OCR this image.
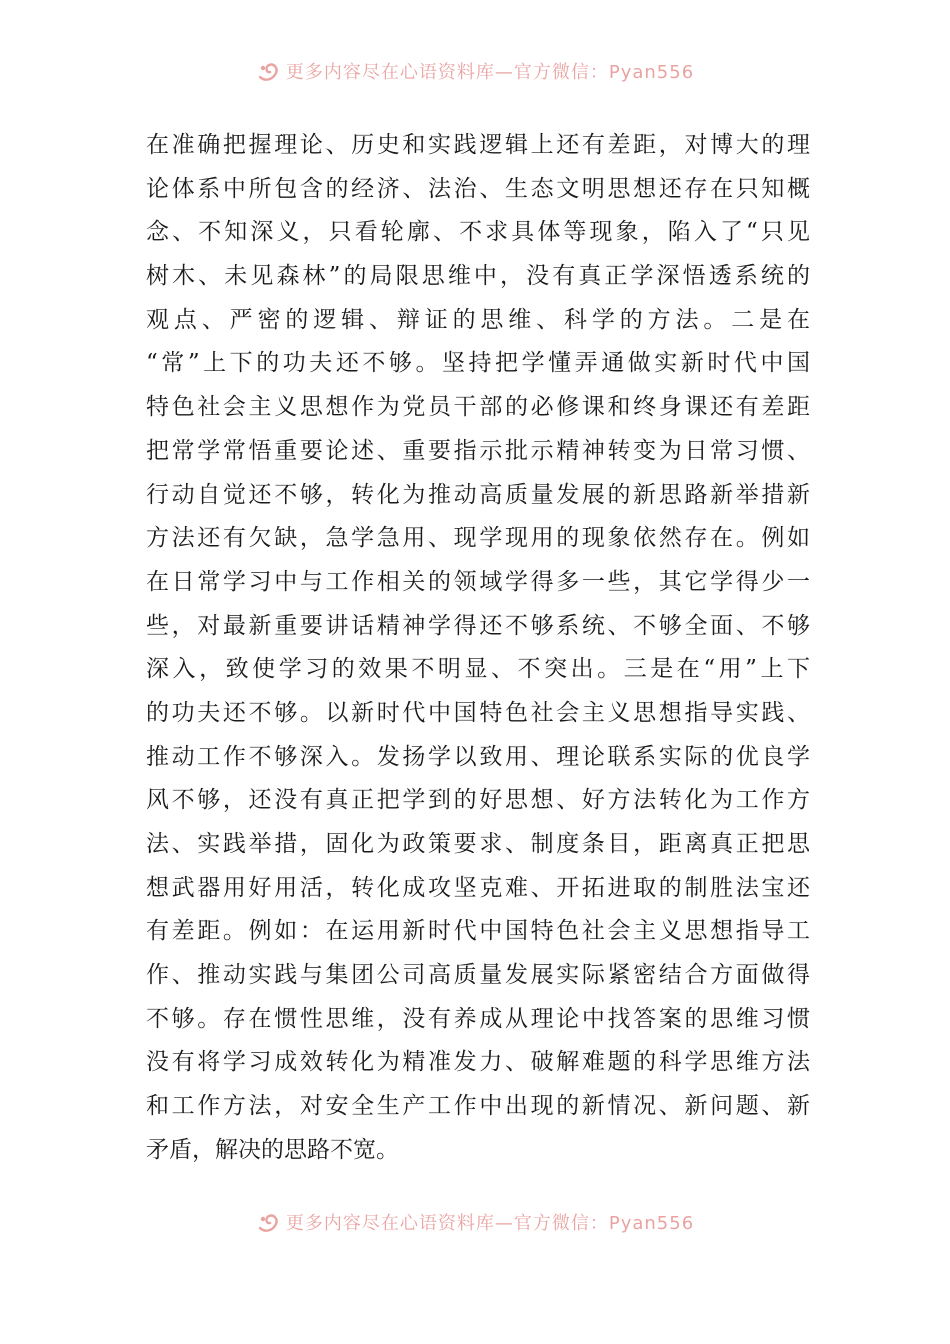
更多内容尽在心语资料库—官方微信：Pyan556
在准确把握理论、历史和实践逻辑上还有差距，对博大的理
论体系中所包含的经济、法治、生态文明思想还存在只知概
念、不知深义，只看轮廓、不求具体等现象，陷入了“只见
树木、未见森林”的局限思维中，没有真正学深悟透系统的
观点、严密的逻辑、辩证的思维、科学的方法。二是在
“常”上下的功夫还不够。坚持把学懂弄通做实新时代中国
特色社会主义思想作为党员干部的必修课和终身课还有差距
把常学常悟重要论述、重要指示批示精神转变为日常习惯、
行动自觉还不够，转化为推动高质量发展的新思路新举措新
方法还有欠缺，急学急用、现学现用的现象依然存在。例如
在日常学习中与工作相关的领域学得多一些，其它学得少一
些，对最新重要讲话精神学得还不够系统、不够全面、不够
深入，致使学习的效果不明显、不突出。三是在“用”上下
的功夫还不够。以新时代中国特色社会主义思想指导实践、
推动工作不够深入。发扬学以致用、理论联系实际的优良学
风不够，还没有真正把学到的好思想、好方法转化为工作方
法、实践举措，固化为政策要求、制度条目，距离真正把思
想武器用好用活，转化成攻坚克难、开拓进取的制胜法宝还
有差距。例如：在运用新时代中国特色社会主义思想指导工
作、推动实践与集团公司高质量发展实际紧密结合方面做得
不够。存在惯性思维，没有养成从理论中找答案的思维习惯
没有将学习成效转化为精准发力、破解难题的科学思维方法
和工作方法，对安全生产工作中出现的新情况、新问题、新
矛盾，解决的思路不宽。
更多内容尽在心语资料库—官方微信：Pyan556
